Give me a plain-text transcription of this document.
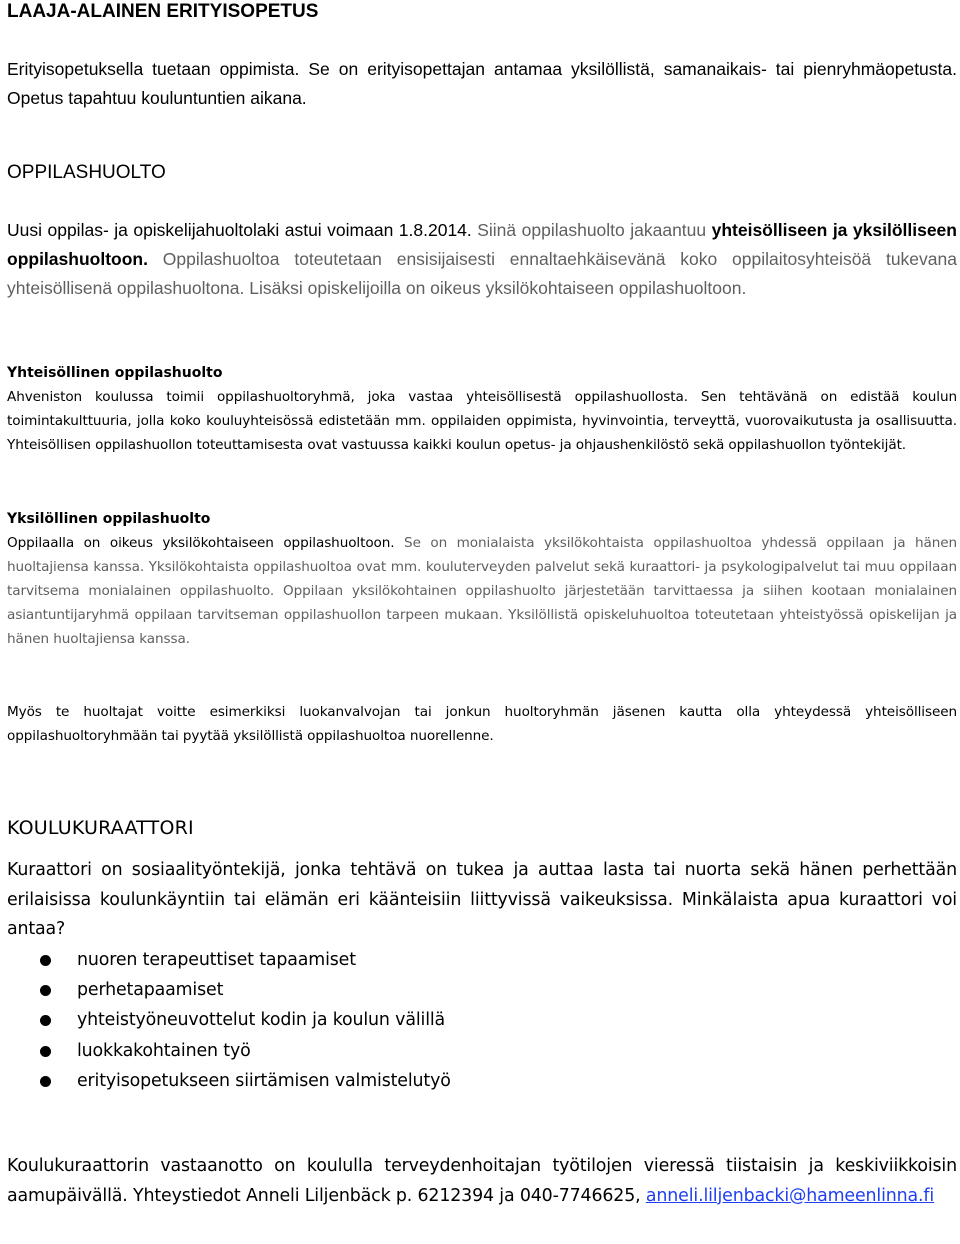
LAAJA-ALAINEN ERITYISOPETUS

Erityisopetuksella tuetaan oppimista. Se on erityisopettajan antamaa yksilöllistä, samanaikais- tai pienryhmäopetusta. Opetus tapahtuu kouluntuntien aikana.

OPPILASHUOLTO

Uusi oppilas- ja opiskelijahuoltolaki astui voimaan 1.8.2014. Siinä oppilashuolto jakaantuu yhteisölliseen ja yksilölliseen oppilashuoltoon. Oppilashuoltoa toteutetaan ensisijaisesti ennaltaehkäisevänä koko oppilaitosyhteisöä tukevana yhteisöllisenä oppilashuoltona. Lisäksi opiskelijoilla on oikeus yksilökohtaiseen oppilashuoltoon.

Yhteisöllinen oppilashuolto

Ahveniston koulussa toimii oppilashuoltoryhmä, joka vastaa yhteisöllisestä oppilashuollosta. Sen tehtävänä on edistää koulun toimintakulttuuria, jolla koko kouluyhteisössä edistetään mm. oppilaiden oppimista, hyvinvointia, terveyttä, vuorovaikutusta ja osallisuutta. Yhteisöllisen oppilashuollon toteuttamisesta ovat vastuussa kaikki koulun opetus- ja ohjaushenkilöstö sekä oppilashuollon työntekijät.

Yksilöllinen oppilashuolto

Oppilaalla on oikeus yksilökohtaiseen oppilashuoltoon. Se on monialaista yksilökohtaista oppilashuoltoa yhdessä oppilaan ja hänen huoltajiensa kanssa. Yksilökohtaista oppilashuoltoa ovat mm. kouluterveyden palvelut sekä kuraattori- ja psykologipalvelut tai muu oppilaan tarvitsema monialainen oppilashuolto. Oppilaan yksilökohtainen oppilashuolto järjestetään tarvittaessa ja siihen kootaan monialainen asiantuntijaryhmä oppilaan tarvitseman oppilashuollon tarpeen mukaan. Yksilöllistä opiskeluhuoltoa toteutetaan yhteistyössä opiskelijan ja hänen huoltajiensa kanssa.

Myös te huoltajat voitte esimerkiksi luokanvalvojan tai jonkun huoltoryhmän jäsenen kautta olla yhteydessä yhteisölliseen oppilashuoltoryhmään tai pyytää yksilöllistä oppilashuoltoa nuorellenne.

KOULUKURAATTORI

Kuraattori on sosiaalityöntekijä, jonka tehtävä on tukea ja auttaa lasta tai nuorta sekä hänen perhettään erilaisissa koulunkäyntiin tai elämän eri käänteisiin liittyvissä vaikeuksissa. Minkälaista apua kuraattori voi antaa?

nuoren terapeuttiset tapaamiset
perhetapaamiset
yhteistyöneuvottelut kodin ja koulun välillä
luokkakohtainen työ
erityisopetukseen siirtämisen valmistelutyö

Koulukuraattorin vastaanotto on koululla terveydenhoitajan työtilojen vieressä tiistaisin ja keskiviikkoisin aamupäivällä. Yhteystiedot Anneli Liljenbäck p. 6212394 ja 040-7746625, anneli.liljenbacki@hameenlinna.fi
